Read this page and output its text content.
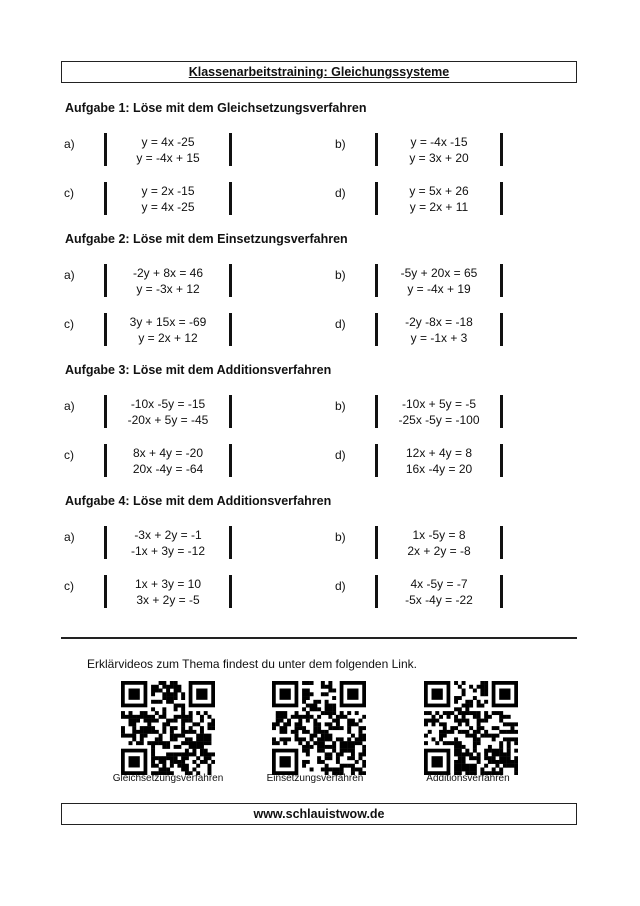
Klassenarbeitstraining: Gleichungssysteme
Aufgabe 1: Löse mit dem Gleichsetzungsverfahren
a)	y = 4x -25
y = -4x + 15
b)	y = -4x -15
y = 3x + 20
c)	y = 2x -15
y = 4x -25
d)	y = 5x + 26
y = 2x + 11
Aufgabe 2: Löse mit dem Einsetzungsverfahren
a)	-2y + 8x = 46
y = -3x + 12
b)	-5y + 20x = 65
y = -4x + 19
c)	3y + 15x = -69
y = 2x + 12
d)	-2y -8x = -18
y = -1x + 3
Aufgabe 3: Löse mit dem Additionsverfahren
a)	-10x -5y = -15
-20x + 5y = -45
b)	-10x + 5y = -5
-25x -5y = -100
c)	8x + 4y = -20
20x -4y = -64
d)	12x + 4y = 8
16x -4y = 20
Aufgabe 4: Löse mit dem Additionsverfahren
a)	-3x + 2y = -1
-1x + 3y = -12
b)	1x -5y = 8
2x + 2y = -8
c)	1x + 3y = 10
3x + 2y = -5
d)	4x -5y = -7
-5x -4y = -22
Erklärvideos zum Thema findest du unter dem folgenden Link.
Gleichsetzungsverfahren	Einsetzungsverfahren	Additionsverfahren
www.schlauistwow.de
